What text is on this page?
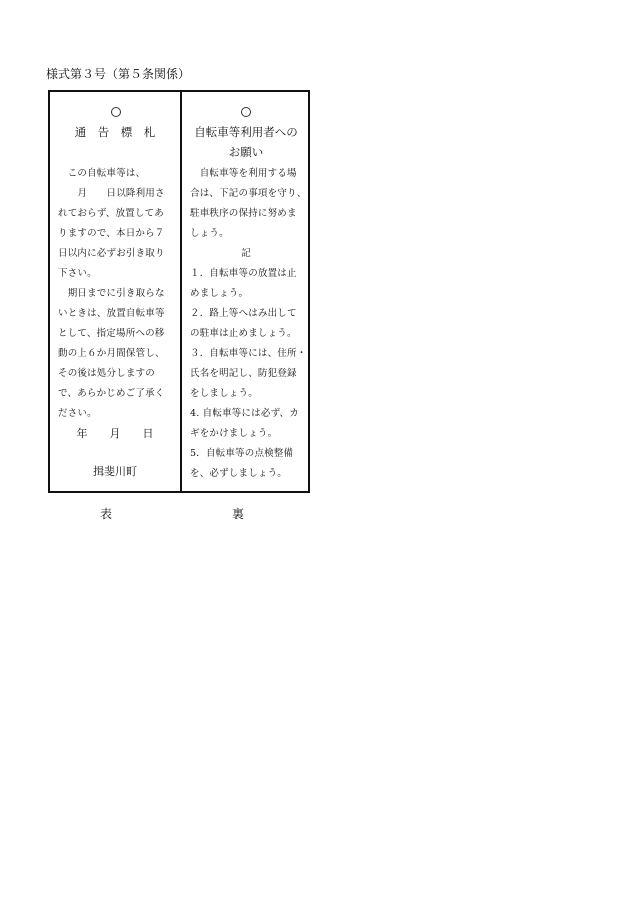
様式第３号（第５条関係）
通　告　標　札
　この自転車等は、
　　月　　日以降利用さ
れておらず、放置してあ
りますので、本日から７
日以内に必ずお引き取り
下さい。
　期日までに引き取らな
いときは、放置自転車等
として、指定場所への移
動の上６か月間保管し、
その後は処分しますの
で、あらかじめご了承く
ださい。
年　　月　　日
揖斐川町
自転車等利用者への
お願い
　自転車等を利用する場
合は、下記の事項を守り、
駐車秩序の保持に努めま
しょう。
記
１．自転車等の放置は止
めましょう。
２．路上等へはみ出して
の駐車は止めましょう。
３．自転車等には、住所・
氏名を明記し、防犯登録
をしましょう。
4. 自転車等には必ず、カ
ギをかけましょう。
5．自転車等の点検整備
を、必ずしましょう。
表	裏
